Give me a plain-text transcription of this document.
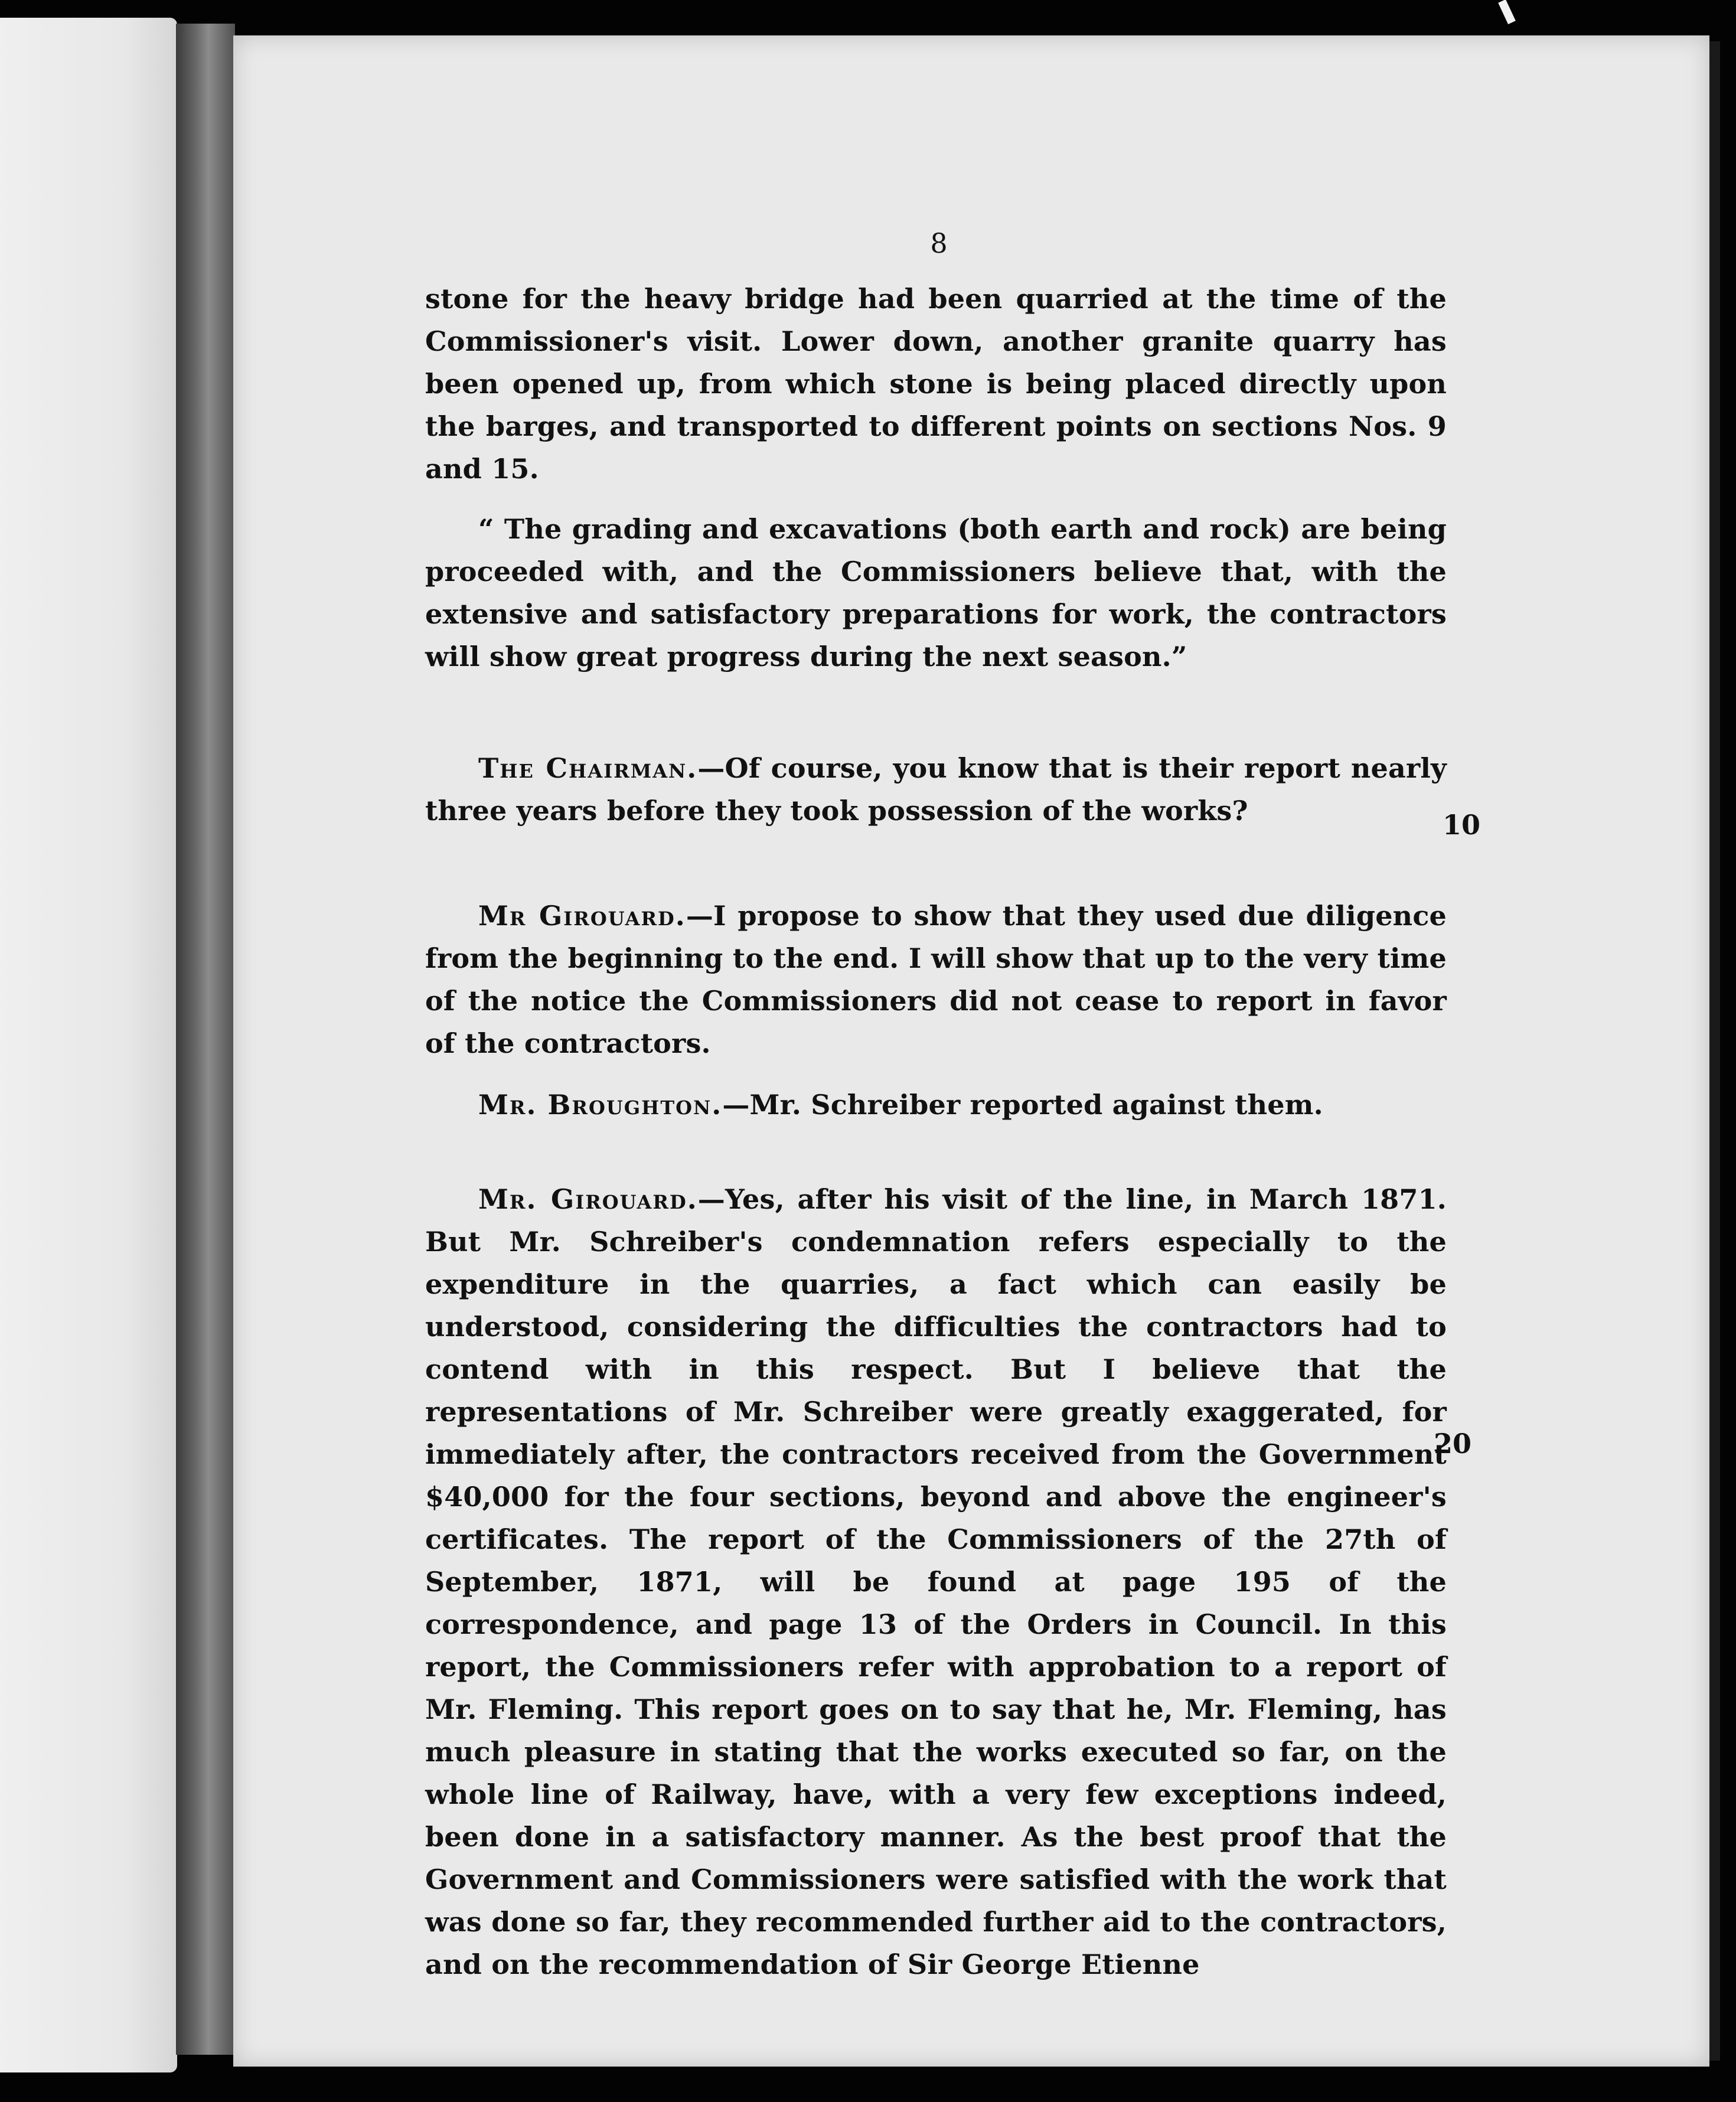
8
stone for the heavy bridge had been quarried at the time of the Commissioner's visit. Lower down, another granite quarry has been opened up, from which stone is being placed directly upon the barges, and transported to different points on sections Nos. 9 and 15.
“ The grading and excavations (both earth and rock) are being proceeded with, and the Commissioners believe that, with the extensive and satisfactory preparations for work, the contractors will show great progress during the next season.”
The Chairman.—Of course, you know that is their report nearly three years before they took possession of the works?
Mr Girouard.—I propose to show that they used due diligence from the beginning to the end. I will show that up to the very time of the notice the Commissioners did not cease to report in favor of the contractors.
Mr. Broughton.—Mr. Schreiber reported against them.
Mr. Girouard.—Yes, after his visit of the line, in March 1871. But Mr. Schreiber's condemnation refers especially to the expenditure in the quarries, a fact which can easily be understood, considering the difficulties the contractors had to contend with in this respect. But I believe that the representations of Mr. Schreiber were greatly exaggerated, for immediately after, the contractors received from the Government $40,000 for the four sections, beyond and above the engineer's certificates. The report of the Commissioners of the 27th of September, 1871, will be found at page 195 of the correspondence, and page 13 of the Orders in Council. In this report, the Commissioners refer with approbation to a report of Mr. Fleming. This report goes on to say that he, Mr. Fleming, has much pleasure in stating that the works executed so far, on the whole line of Railway, have, with a very few exceptions indeed, been done in a satisfactory manner. As the best proof that the Government and Commissioners were satisfied with the work that was done so far, they recommended further aid to the contractors, and on the recommendation of Sir George Etienne
10
20
